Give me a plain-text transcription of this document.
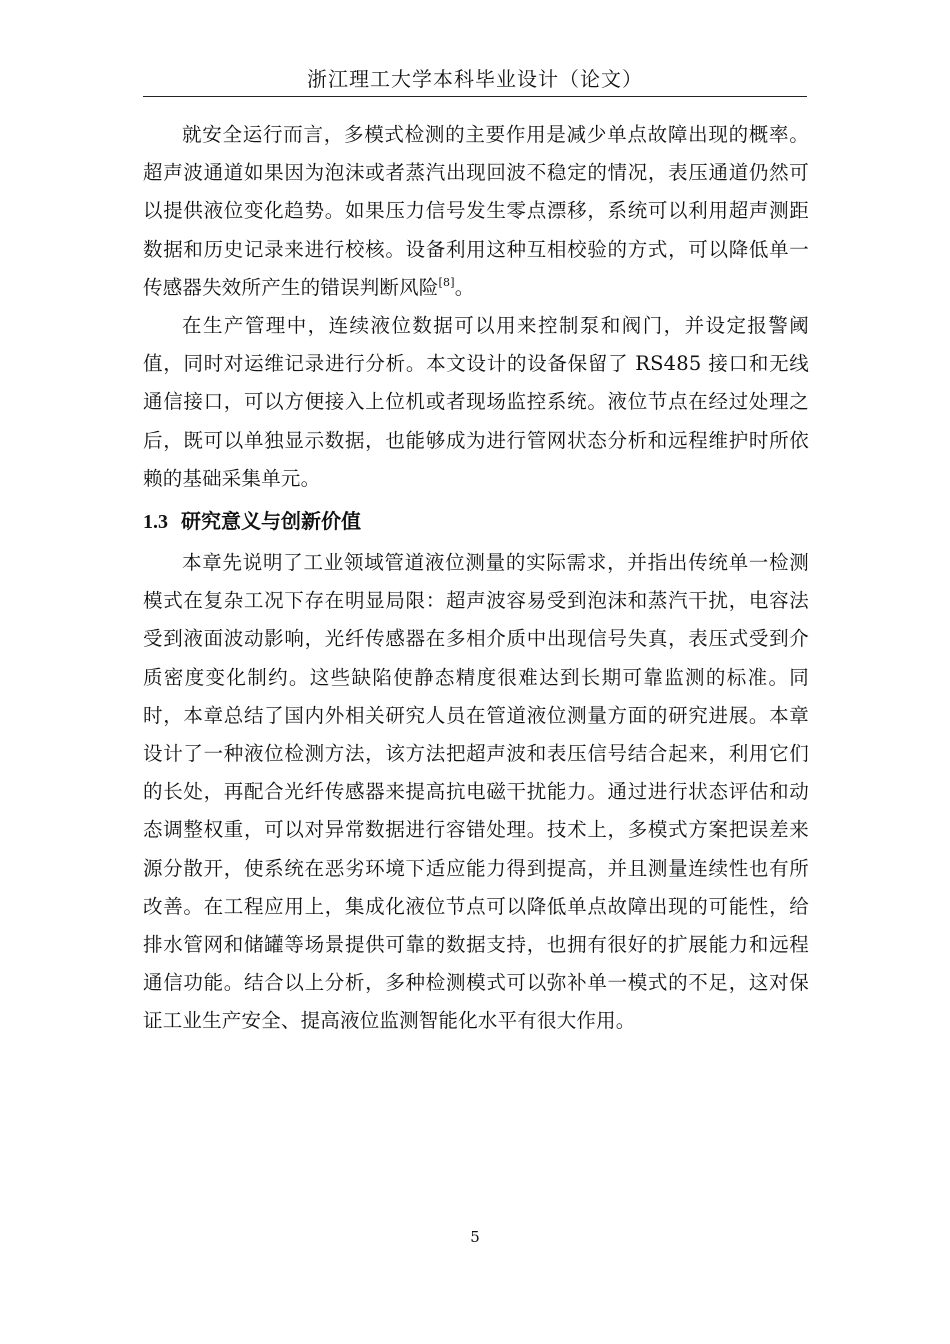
浙江理工大学本科毕业设计（论文）

就安全运行而言，多模式检测的主要作用是减少单点故障出现的概率。超声波通道如果因为泡沫或者蒸汽出现回波不稳定的情况，表压通道仍然可以提供液位变化趋势。如果压力信号发生零点漂移，系统可以利用超声测距数据和历史记录来进行校核。设备利用这种互相校验的方式，可以降低单一传感器失效所产生的错误判断风险[8]。

在生产管理中，连续液位数据可以用来控制泵和阀门，并设定报警阈值，同时对运维记录进行分析。本文设计的设备保留了 RS485 接口和无线通信接口，可以方便接入上位机或者现场监控系统。液位节点在经过处理之后，既可以单独显示数据，也能够成为进行管网状态分析和远程维护时所依赖的基础采集单元。

1.3 研究意义与创新价值

本章先说明了工业领域管道液位测量的实际需求，并指出传统单一检测模式在复杂工况下存在明显局限：超声波容易受到泡沫和蒸汽干扰，电容法受到液面波动影响，光纤传感器在多相介质中出现信号失真，表压式受到介质密度变化制约。这些缺陷使静态精度很难达到长期可靠监测的标准。同时，本章总结了国内外相关研究人员在管道液位测量方面的研究进展。本章设计了一种液位检测方法，该方法把超声波和表压信号结合起来，利用它们的长处，再配合光纤传感器来提高抗电磁干扰能力。通过进行状态评估和动态调整权重，可以对异常数据进行容错处理。技术上，多模式方案把误差来源分散开，使系统在恶劣环境下适应能力得到提高，并且测量连续性也有所改善。在工程应用上，集成化液位节点可以降低单点故障出现的可能性，给排水管网和储罐等场景提供可靠的数据支持，也拥有很好的扩展能力和远程通信功能。结合以上分析，多种检测模式可以弥补单一模式的不足，这对保证工业生产安全、提高液位监测智能化水平有很大作用。

5
